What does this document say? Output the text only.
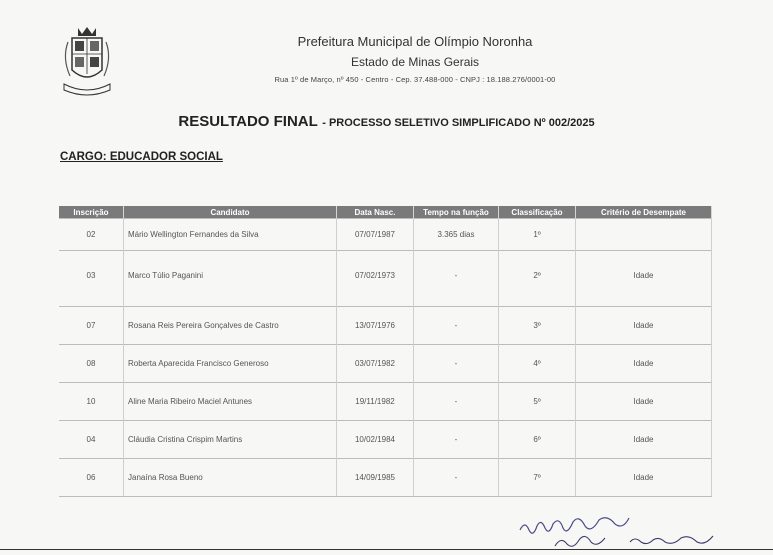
Prefeitura Municipal de Olímpio Noronha
Estado de Minas Gerais
Rua 1º de Março, nº 450 - Centro - Cep. 37.488-000 - CNPJ : 18.188.276/0001-00
RESULTADO FINAL - PROCESSO SELETIVO SIMPLIFICADO Nº 002/2025
CARGO: EDUCADOR SOCIAL
Inscrição	Candidato	Data Nasc.	Tempo na função	Classificação	Critério de Desempate
02	Mário Wellington Fernandes da Silva	07/07/1987	3.365 dias	1º	
03	Marco Túlio Paganini	07/02/1973	-	2º	Idade
07	Rosana Reis Pereira Gonçalves de Castro	13/07/1976	-	3º	Idade
08	Roberta Aparecida Francisco Generoso	03/07/1982	-	4º	Idade
10	Aline Maria Ribeiro Maciel Antunes	19/11/1982	-	5º	Idade
04	Cláudia Cristina Crispim Martins	10/02/1984	-	6º	Idade
06	Janaína Rosa Bueno	14/09/1985	-	7º	Idade
